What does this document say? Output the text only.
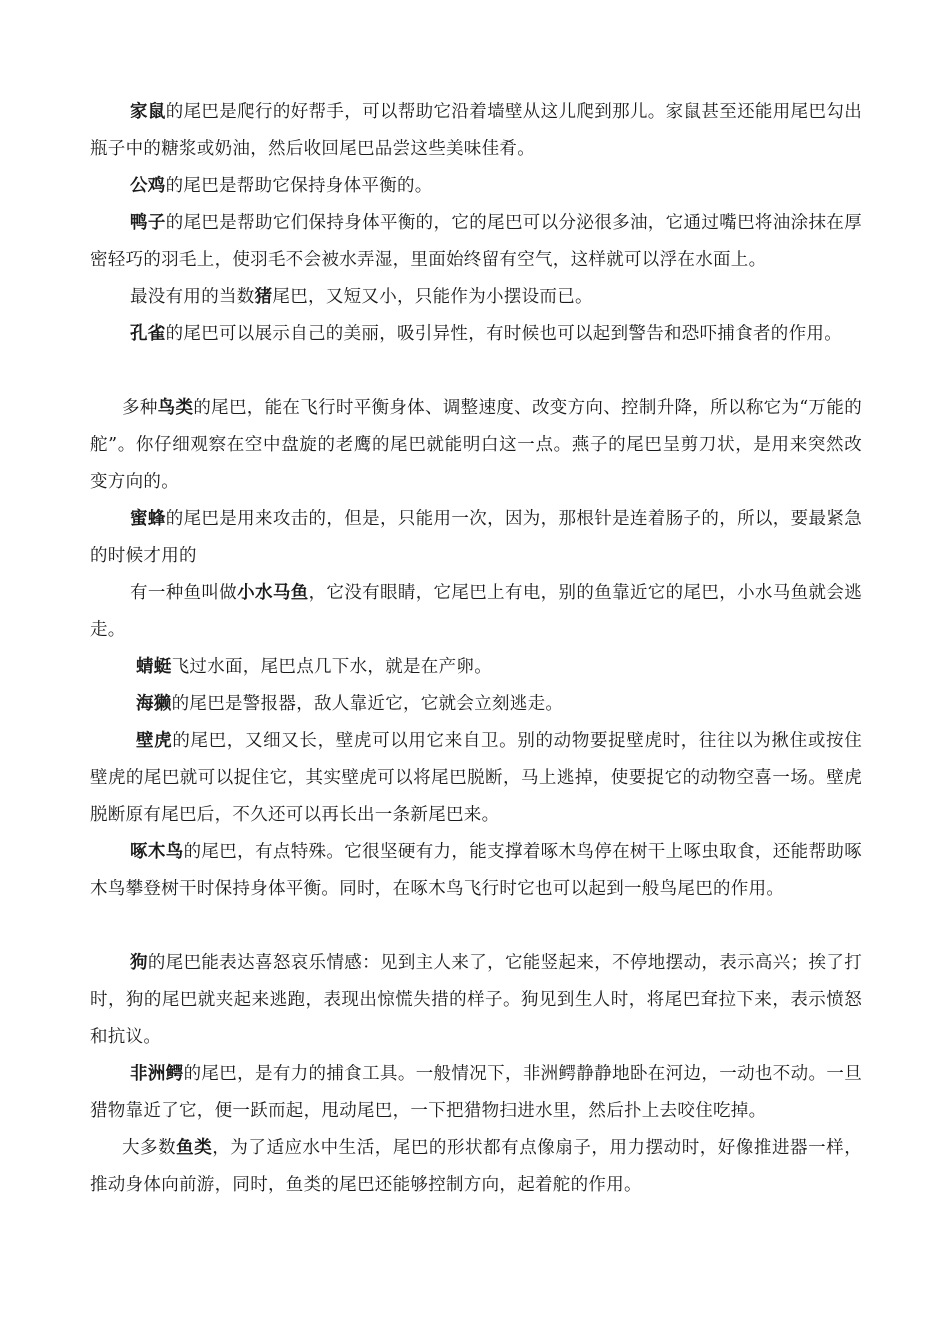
家鼠的尾巴是爬行的好帮手，可以帮助它沿着墙壁从这儿爬到那儿。家鼠甚至还能用尾巴勾出瓶子中的糖浆或奶油，然后收回尾巴品尝这些美味佳肴。

公鸡的尾巴是帮助它保持身体平衡的。

鸭子的尾巴是帮助它们保持身体平衡的，它的尾巴可以分泌很多油，它通过嘴巴将油涂抹在厚密轻巧的羽毛上，使羽毛不会被水弄湿，里面始终留有空气，这样就可以浮在水面上。

最没有用的当数猪尾巴，又短又小，只能作为小摆设而已。

孔雀的尾巴可以展示自己的美丽，吸引异性，有时候也可以起到警告和恐吓捕食者的作用。

多种鸟类的尾巴，能在飞行时平衡身体、调整速度、改变方向、控制升降，所以称它为“万能的舵”。你仔细观察在空中盘旋的老鹰的尾巴就能明白这一点。燕子的尾巴呈剪刀状，是用来突然改变方向的。

蜜蜂的尾巴是用来攻击的，但是，只能用一次，因为，那根针是连着肠子的，所以，要最紧急的时候才用的

有一种鱼叫做小水马鱼，它没有眼睛，它尾巴上有电，别的鱼靠近它的尾巴，小水马鱼就会逃走。

蜻蜓飞过水面，尾巴点几下水，就是在产卵。

海獭的尾巴是警报器，敌人靠近它，它就会立刻逃走。

壁虎的尾巴，又细又长，壁虎可以用它来自卫。别的动物要捉壁虎时，往往以为揪住或按住壁虎的尾巴就可以捉住它，其实壁虎可以将尾巴脱断，马上逃掉，使要捉它的动物空喜一场。壁虎脱断原有尾巴后，不久还可以再长出一条新尾巴来。

啄木鸟的尾巴，有点特殊。它很坚硬有力，能支撑着啄木鸟停在树干上啄虫取食，还能帮助啄木鸟攀登树干时保持身体平衡。同时，在啄木鸟飞行时它也可以起到一般鸟尾巴的作用。

狗的尾巴能表达喜怒哀乐情感：见到主人来了，它能竖起来，不停地摆动，表示高兴；挨了打时，狗的尾巴就夹起来逃跑，表现出惊慌失措的样子。狗见到生人时，将尾巴耷拉下来，表示愤怒和抗议。

非洲鳄的尾巴，是有力的捕食工具。一般情况下，非洲鳄静静地卧在河边，一动也不动。一旦猎物靠近了它，便一跃而起，甩动尾巴，一下把猎物扫进水里，然后扑上去咬住吃掉。

大多数鱼类，为了适应水中生活，尾巴的形状都有点像扇子，用力摆动时，好像推进器一样，推动身体向前游，同时，鱼类的尾巴还能够控制方向，起着舵的作用。
